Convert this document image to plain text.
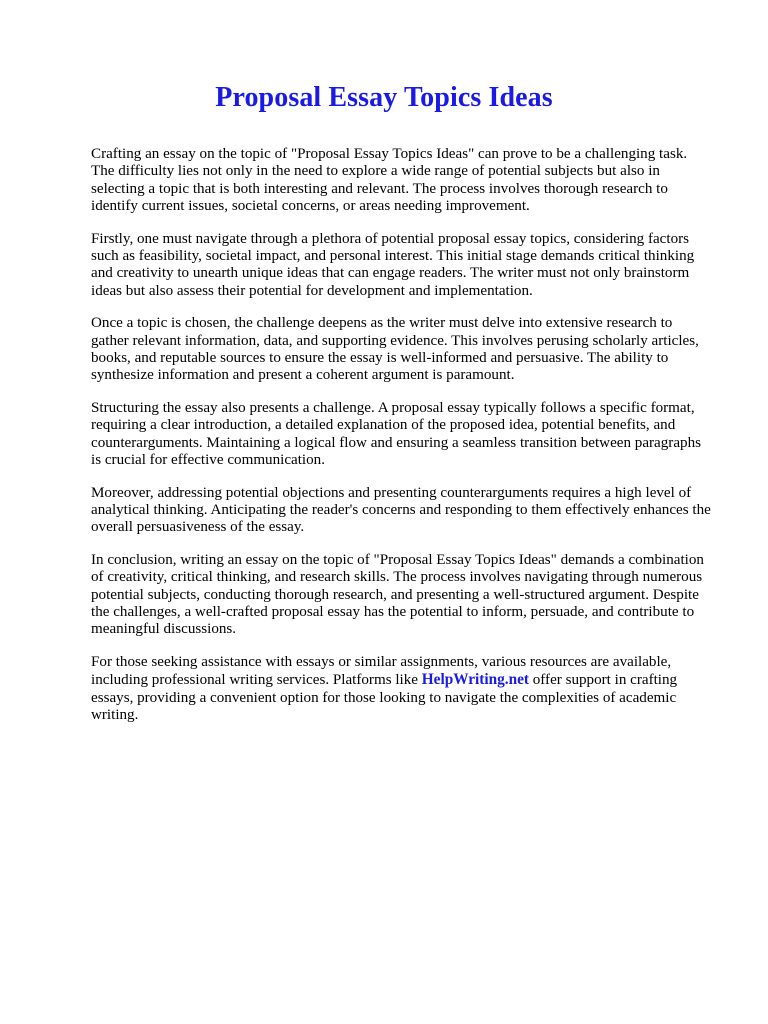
Proposal Essay Topics Ideas

Crafting an essay on the topic of "Proposal Essay Topics Ideas" can prove to be a challenging task. The difficulty lies not only in the need to explore a wide range of potential subjects but also in selecting a topic that is both interesting and relevant. The process involves thorough research to identify current issues, societal concerns, or areas needing improvement.

Firstly, one must navigate through a plethora of potential proposal essay topics, considering factors such as feasibility, societal impact, and personal interest. This initial stage demands critical thinking and creativity to unearth unique ideas that can engage readers. The writer must not only brainstorm ideas but also assess their potential for development and implementation.

Once a topic is chosen, the challenge deepens as the writer must delve into extensive research to gather relevant information, data, and supporting evidence. This involves perusing scholarly articles, books, and reputable sources to ensure the essay is well-informed and persuasive. The ability to synthesize information and present a coherent argument is paramount.

Structuring the essay also presents a challenge. A proposal essay typically follows a specific format, requiring a clear introduction, a detailed explanation of the proposed idea, potential benefits, and counterarguments. Maintaining a logical flow and ensuring a seamless transition between paragraphs is crucial for effective communication.

Moreover, addressing potential objections and presenting counterarguments requires a high level of analytical thinking. Anticipating the reader's concerns and responding to them effectively enhances the overall persuasiveness of the essay.

In conclusion, writing an essay on the topic of "Proposal Essay Topics Ideas" demands a combination of creativity, critical thinking, and research skills. The process involves navigating through numerous potential subjects, conducting thorough research, and presenting a well-structured argument. Despite the challenges, a well-crafted proposal essay has the potential to inform, persuade, and contribute to meaningful discussions.

For those seeking assistance with essays or similar assignments, various resources are available, including professional writing services. Platforms like HelpWriting.net offer support in crafting essays, providing a convenient option for those looking to navigate the complexities of academic writing.
